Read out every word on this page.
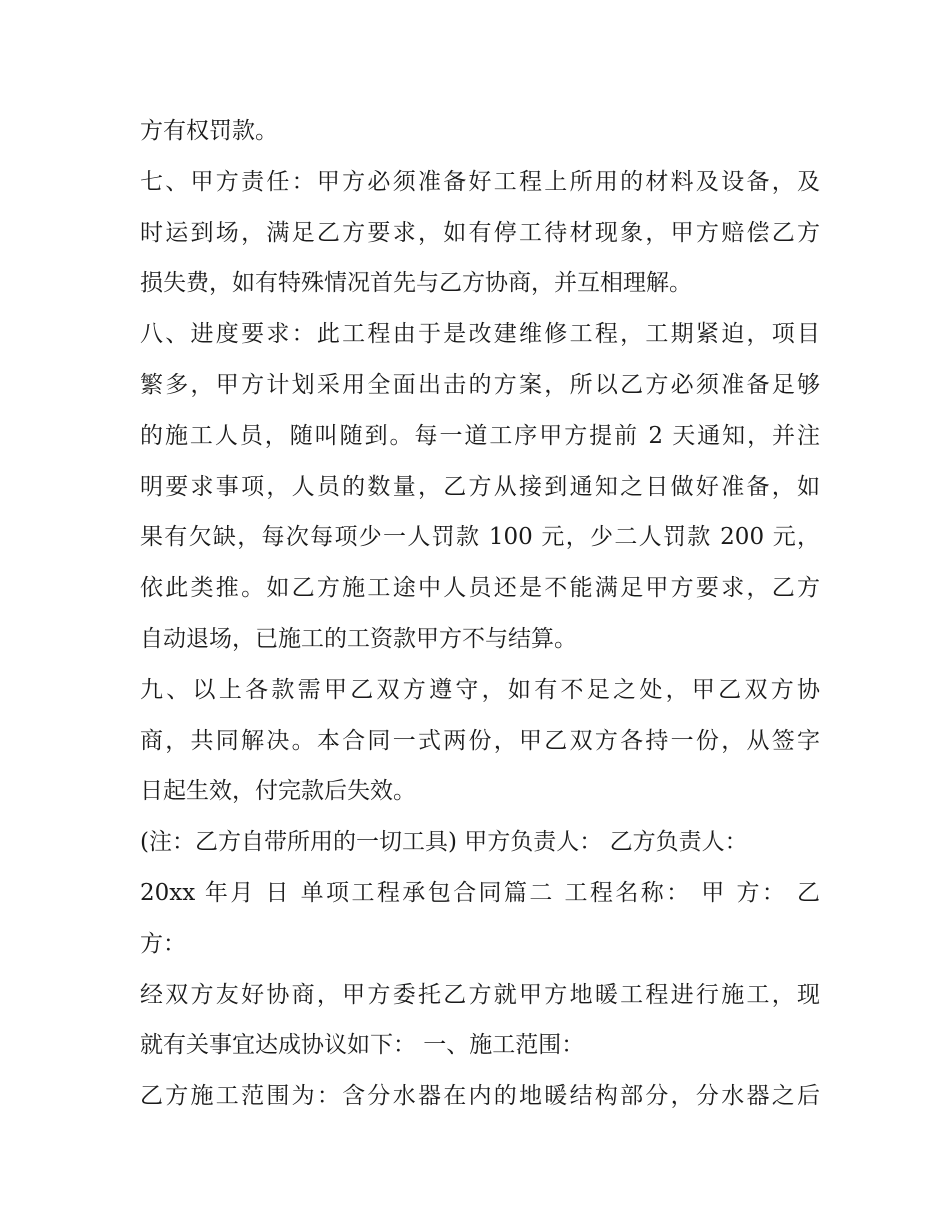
方有权罚款。
七、甲方责任：甲方必须准备好工程上所用的材料及设备，及
时运到场，满足乙方要求，如有停工待材现象，甲方赔偿乙方
损失费，如有特殊情况首先与乙方协商，并互相理解。
八、进度要求：此工程由于是改建维修工程，工期紧迫，项目
繁多，甲方计划采用全面出击的方案，所以乙方必须准备足够
的施工人员，随叫随到。每一道工序甲方提前 2 天通知，并注
明要求事项，人员的数量，乙方从接到通知之日做好准备，如
果有欠缺，每次每项少一人罚款 100 元，少二人罚款 200 元，
依此类推。如乙方施工途中人员还是不能满足甲方要求，乙方
自动退场，已施工的工资款甲方不与结算。
九、以上各款需甲乙双方遵守，如有不足之处，甲乙双方协
商，共同解决。本合同一式两份，甲乙双方各持一份，从签字
日起生效，付完款后失效。
(注：乙方自带所用的一切工具) 甲方负责人： 乙方负责人：
20xx 年月 日 单项工程承包合同篇二 工程名称： 甲 方： 乙
方：
经双方友好协商，甲方委托乙方就甲方地暖工程进行施工，现
就有关事宜达成协议如下： 一、施工范围：
乙方施工范围为：含分水器在内的地暖结构部分，分水器之后
